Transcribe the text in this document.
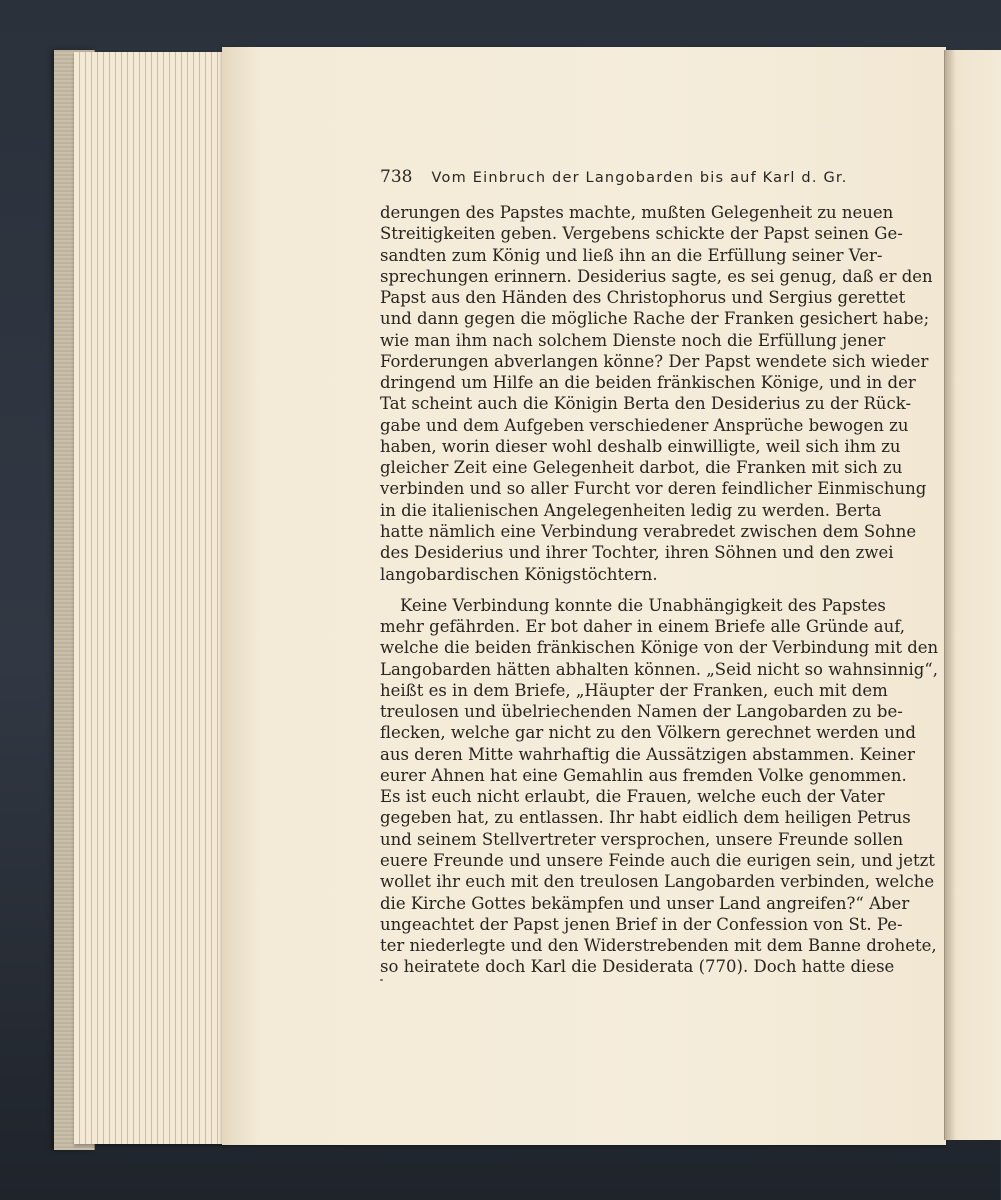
738 Vom Einbruch der Langobarden bis auf Karl d. Gr.
derungen des Papstes machte, mußten Gelegenheit zu neuen
Streitigkeiten geben. Vergebens schickte der Papst seinen Ge-
sandten zum König und ließ ihn an die Erfüllung seiner Ver-
sprechungen erinnern. Desiderius sagte, es sei genug, daß er den
Papst aus den Händen des Christophorus und Sergius gerettet
und dann gegen die mögliche Rache der Franken gesichert habe;
wie man ihm nach solchem Dienste noch die Erfüllung jener
Forderungen abverlangen könne? Der Papst wendete sich wieder
dringend um Hilfe an die beiden fränkischen Könige, und in der
Tat scheint auch die Königin Berta den Desiderius zu der Rück-
gabe und dem Aufgeben verschiedener Ansprüche bewogen zu
haben, worin dieser wohl deshalb einwilligte, weil sich ihm zu
gleicher Zeit eine Gelegenheit darbot, die Franken mit sich zu
verbinden und so aller Furcht vor deren feindlicher Einmischung
in die italienischen Angelegenheiten ledig zu werden. Berta
hatte nämlich eine Verbindung verabredet zwischen dem Sohne
des Desiderius und ihrer Tochter, ihren Söhnen und den zwei
langobardischen Königstöchtern.
Keine Verbindung konnte die Unabhängigkeit des Papstes
mehr gefährden. Er bot daher in einem Briefe alle Gründe auf,
welche die beiden fränkischen Könige von der Verbindung mit den
Langobarden hätten abhalten können. „Seid nicht so wahnsinnig“,
heißt es in dem Briefe, „Häupter der Franken, euch mit dem
treulosen und übelriechenden Namen der Langobarden zu be-
flecken, welche gar nicht zu den Völkern gerechnet werden und
aus deren Mitte wahrhaftig die Aussätzigen abstammen. Keiner
eurer Ahnen hat eine Gemahlin aus fremden Volke genommen.
Es ist euch nicht erlaubt, die Frauen, welche euch der Vater
gegeben hat, zu entlassen. Ihr habt eidlich dem heiligen Petrus
und seinem Stellvertreter versprochen, unsere Freunde sollen
euere Freunde und unsere Feinde auch die eurigen sein, und jetzt
wollet ihr euch mit den treulosen Langobarden verbinden, welche
die Kirche Gottes bekämpfen und unser Land angreifen?“ Aber
ungeachtet der Papst jenen Brief in der Confession von St. Pe-
ter niederlegte und den Widerstrebenden mit dem Banne drohete,
so heiratete doch Karl die Desiderata (770). Doch hatte diese
